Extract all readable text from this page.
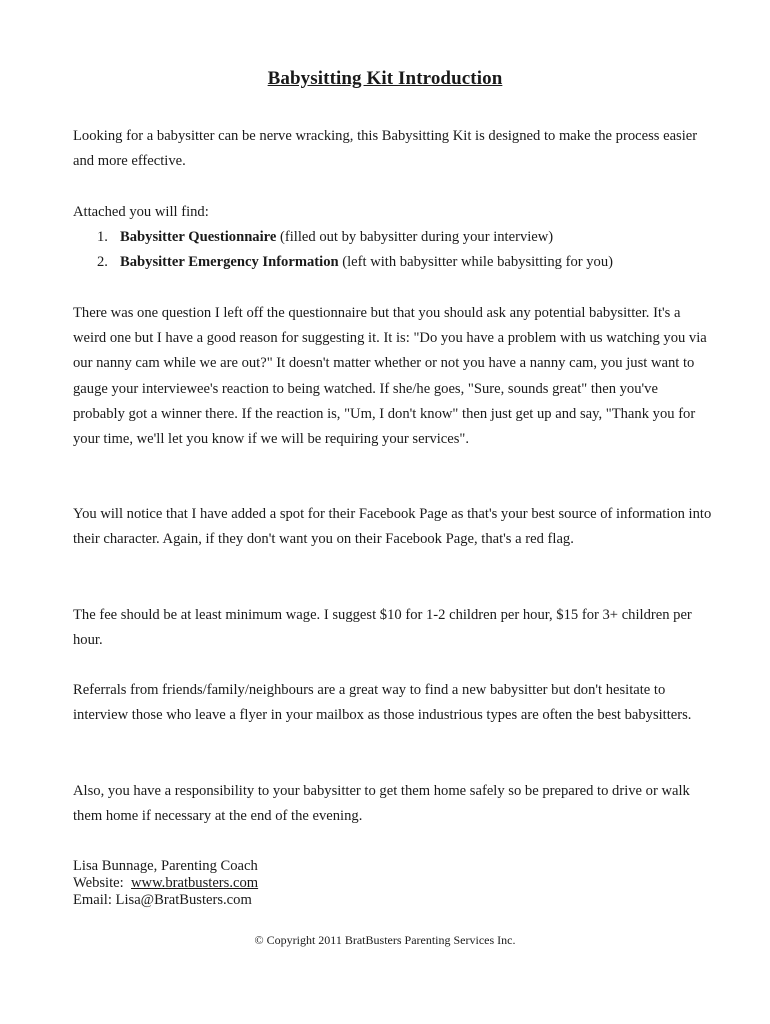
Babysitting Kit Introduction

Looking for a babysitter can be nerve wracking, this Babysitting Kit is designed to make the process easier and more effective.

Attached you will find:

1. Babysitter Questionnaire (filled out by babysitter during your interview)
2. Babysitter Emergency Information (left with babysitter while babysitting for you)

There was one question I left off the questionnaire but that you should ask any potential babysitter. It's a weird one but I have a good reason for suggesting it. It is: "Do you have a problem with us watching you via our nanny cam while we are out?" It doesn't matter whether or not you have a nanny cam, you just want to gauge your interviewee's reaction to being watched. If she/he goes, "Sure, sounds great" then you've probably got a winner there. If the reaction is, "Um, I don't know" then just get up and say, "Thank you for your time, we'll let you know if we will be requiring your services".

You will notice that I have added a spot for their Facebook Page as that's your best source of information into their character. Again, if they don't want you on their Facebook Page, that's a red flag.

The fee should be at least minimum wage. I suggest $10 for 1-2 children per hour, $15 for 3+ children per hour.

Referrals from friends/family/neighbours are a great way to find a new babysitter but don't hesitate to interview those who leave a flyer in your mailbox as those industrious types are often the best babysitters.

Also, you have a responsibility to your babysitter to get them home safely so be prepared to drive or walk them home if necessary at the end of the evening.

Lisa Bunnage, Parenting Coach
Website:  www.bratbusters.com
Email: Lisa@BratBusters.com
© Copyright 2011 BratBusters Parenting Services Inc.
